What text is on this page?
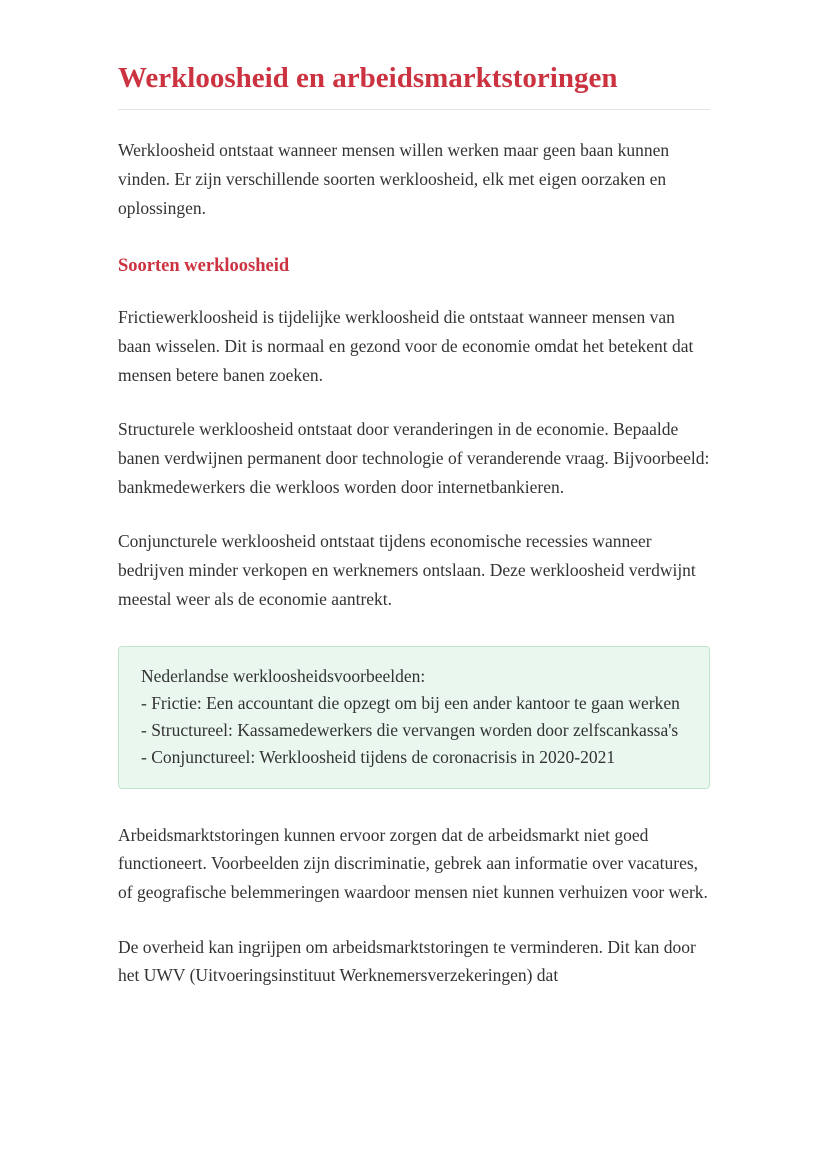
Werkloosheid en arbeidsmarktstoringen

Werkloosheid ontstaat wanneer mensen willen werken maar geen baan kunnen vinden. Er zijn verschillende soorten werkloosheid, elk met eigen oorzaken en oplossingen.

Soorten werkloosheid

Frictiewerkloosheid is tijdelijke werkloosheid die ontstaat wanneer mensen van baan wisselen. Dit is normaal en gezond voor de economie omdat het betekent dat mensen betere banen zoeken.

Structurele werkloosheid ontstaat door veranderingen in de economie. Bepaalde banen verdwijnen permanent door technologie of veranderende vraag. Bijvoorbeeld: bankmedewerkers die werkloos worden door internetbankieren.

Conjuncturele werkloosheid ontstaat tijdens economische recessies wanneer bedrijven minder verkopen en werknemers ontslaan. Deze werkloosheid verdwijnt meestal weer als de economie aantrekt.

Nederlandse werkloosheidsvoorbeelden:
- Frictie: Een accountant die opzegt om bij een ander kantoor te gaan werken
- Structureel: Kassamedewerkers die vervangen worden door zelfscankassa's
- Conjunctureel: Werkloosheid tijdens de coronacrisis in 2020-2021

Arbeidsmarktstoringen kunnen ervoor zorgen dat de arbeidsmarkt niet goed functioneert. Voorbeelden zijn discriminatie, gebrek aan informatie over vacatures, of geografische belemmeringen waardoor mensen niet kunnen verhuizen voor werk.

De overheid kan ingrijpen om arbeidsmarktstoringen te verminderen. Dit kan door het UWV (Uitvoeringsinstituut Werknemersverzekeringen) dat
